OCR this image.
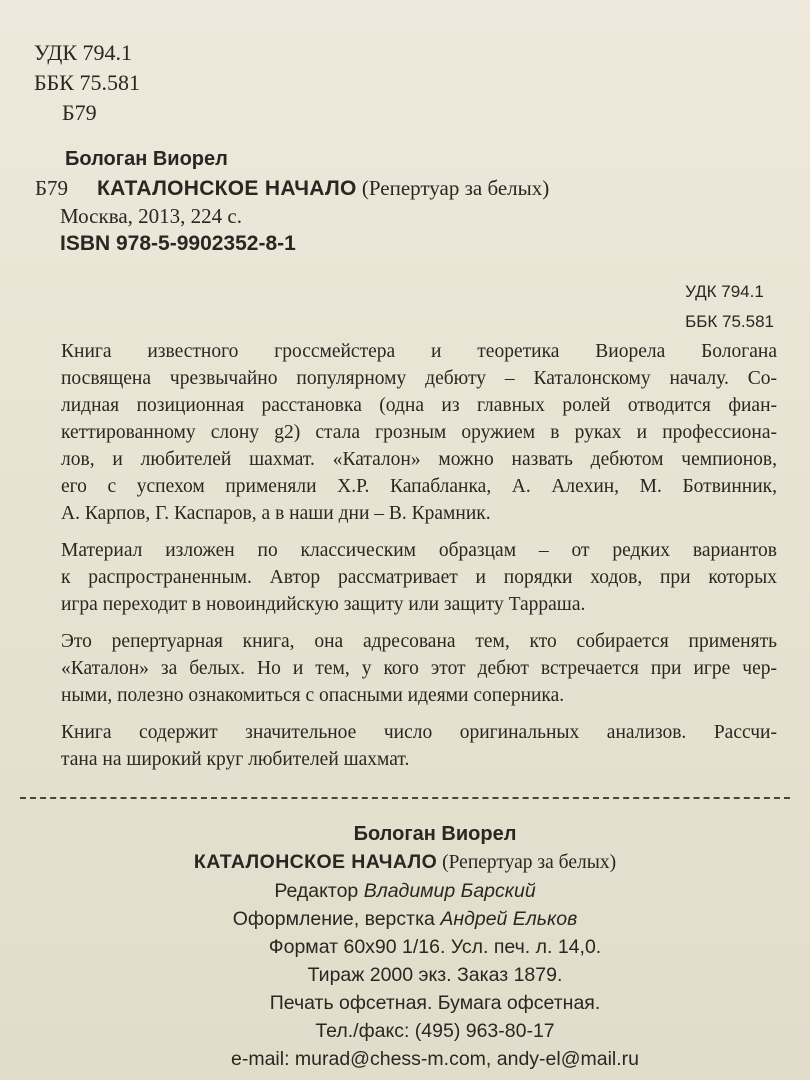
УДК 794.1
ББК 75.581
Б79
Бологан Виорел
Б79 КАТАЛОНСКОЕ НАЧАЛО (Репертуар за белых)
Москва, 2013, 224 с.
ISBN 978-5-9902352-8-1
УДК 794.1
ББК 75.581

Книга известного гроссмейстера и теоретика Виорела Бологана
посвящена чрезвычайно популярному дебюту – Каталонскому началу. Со-
лидная позиционная расстановка (одна из главных ролей отводится фиан-
кеттированному слону g2) стала грозным оружием в руках и профессиона-
лов, и любителей шахмат. «Каталон» можно назвать дебютом чемпионов,
его с успехом применяли Х.Р. Капабланка, А. Алехин, М. Ботвинник,
А. Карпов, Г. Каспаров, а в наши дни – В. Крамник.

Материал изложен по классическим образцам – от редких вариантов
к распространенным. Автор рассматривает и порядки ходов, при которых
игра переходит в новоиндийскую защиту или защиту Тарраша.

Это репертуарная книга, она адресована тем, кто собирается применять
«Каталон» за белых. Но и тем, у кого этот дебют встречается при игре чер-
ными, полезно ознакомиться с опасными идеями соперника.

Книга содержит значительное число оригинальных анализов. Рассчи-
тана на широкий круг любителей шахмат.

Бологан Виорел
КАТАЛОНСКОЕ НАЧАЛО (Репертуар за белых)
Редактор Владимир Барский
Оформление, верстка Андрей Ельков
Формат 60х90 1/16. Усл. печ. л. 14,0.
Тираж 2000 экз. Заказ 1879.
Печать офсетная. Бумага офсетная.
Тел./факс: (495) 963-80-17
e-mail: murad@chess-m.com, andy-el@mail.ru
